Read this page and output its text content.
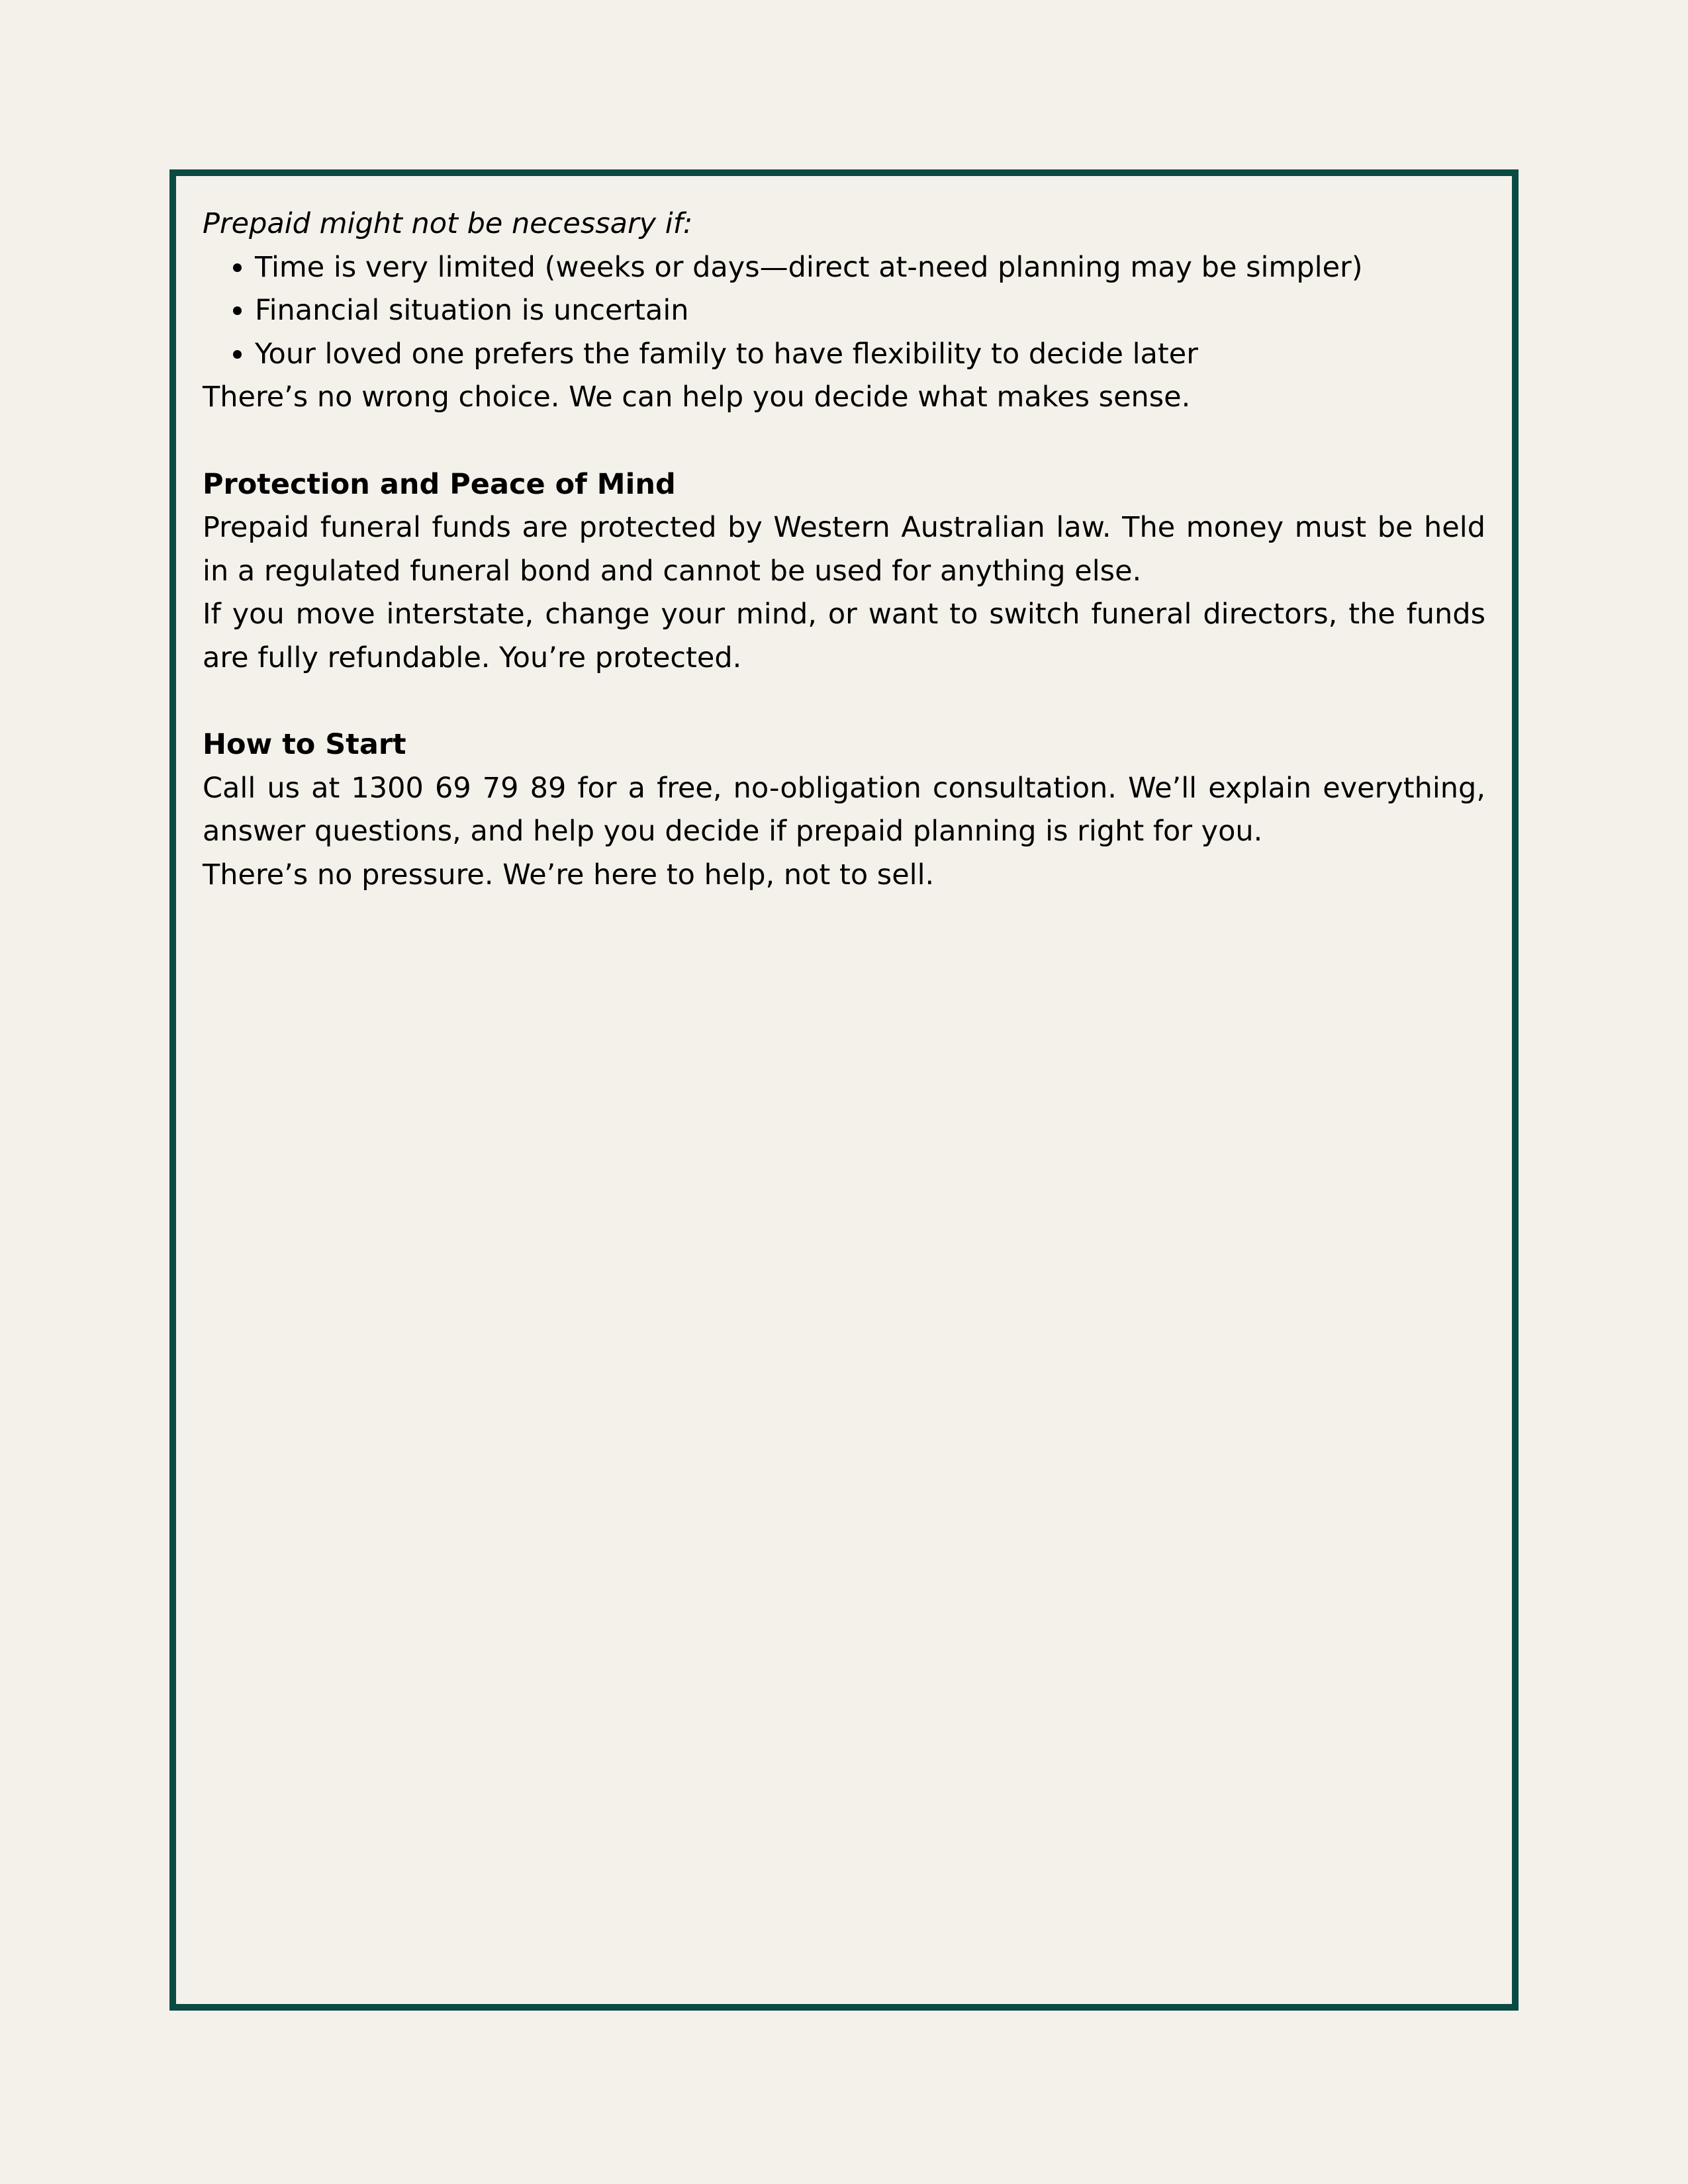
Prepaid might not be necessary if:

• Time is very limited (weeks or days—direct at-need planning may be simpler)
• Financial situation is uncertain
• Your loved one prefers the family to have flexibility to decide later

There’s no wrong choice. We can help you decide what makes sense.

Protection and Peace of Mind

Prepaid funeral funds are protected by Western Australian law. The money must be held in a regulated funeral bond and cannot be used for anything else.

If you move interstate, change your mind, or want to switch funeral directors, the funds are fully refundable. You’re protected.

How to Start

Call us at 1300 69 79 89 for a free, no-obligation consultation. We’ll explain everything, answer questions, and help you decide if prepaid planning is right for you.

There’s no pressure. We’re here to help, not to sell.
